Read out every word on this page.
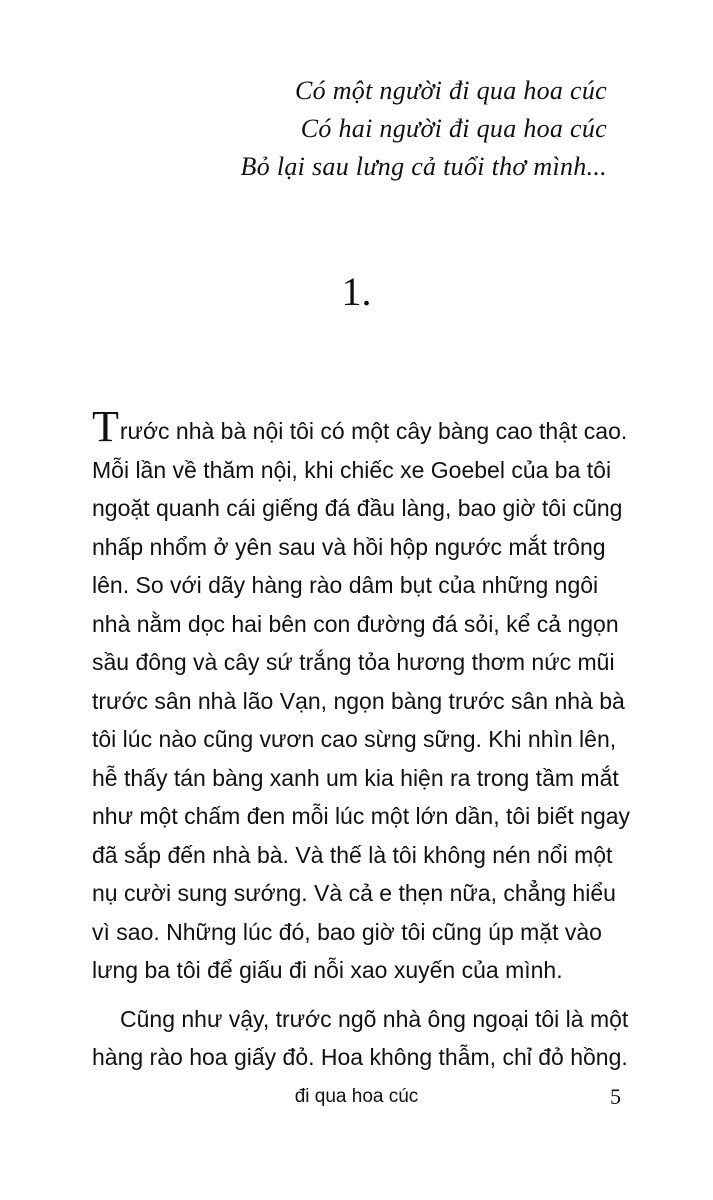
Có một người đi qua hoa cúc
Có hai người đi qua hoa cúc
Bỏ lại sau lưng cả tuổi thơ mình...
1.
Trước nhà bà nội tôi có một cây bàng cao thật cao.
Mỗi lần về thăm nội, khi chiếc xe Goebel của ba tôi
ngoặt quanh cái giếng đá đầu làng, bao giờ tôi cũng
nhấp nhổm ở yên sau và hồi hộp ngước mắt trông
lên. So với dãy hàng rào dâm bụt của những ngôi
nhà nằm dọc hai bên con đường đá sỏi, kể cả ngọn
sầu đông và cây sứ trắng tỏa hương thơm nức mũi
trước sân nhà lão Vạn, ngọn bàng trước sân nhà bà
tôi lúc nào cũng vươn cao sừng sững. Khi nhìn lên,
hễ thấy tán bàng xanh um kia hiện ra trong tầm mắt
như một chấm đen mỗi lúc một lớn dần, tôi biết ngay
đã sắp đến nhà bà. Và thế là tôi không nén nổi một
nụ cười sung sướng. Và cả e thẹn nữa, chẳng hiểu
vì sao. Những lúc đó, bao giờ tôi cũng úp mặt vào
lưng ba tôi để giấu đi nỗi xao xuyến của mình.
Cũng như vậy, trước ngõ nhà ông ngoại tôi là một
hàng rào hoa giấy đỏ. Hoa không thẫm, chỉ đỏ hồng.
đi qua hoa cúc	5
